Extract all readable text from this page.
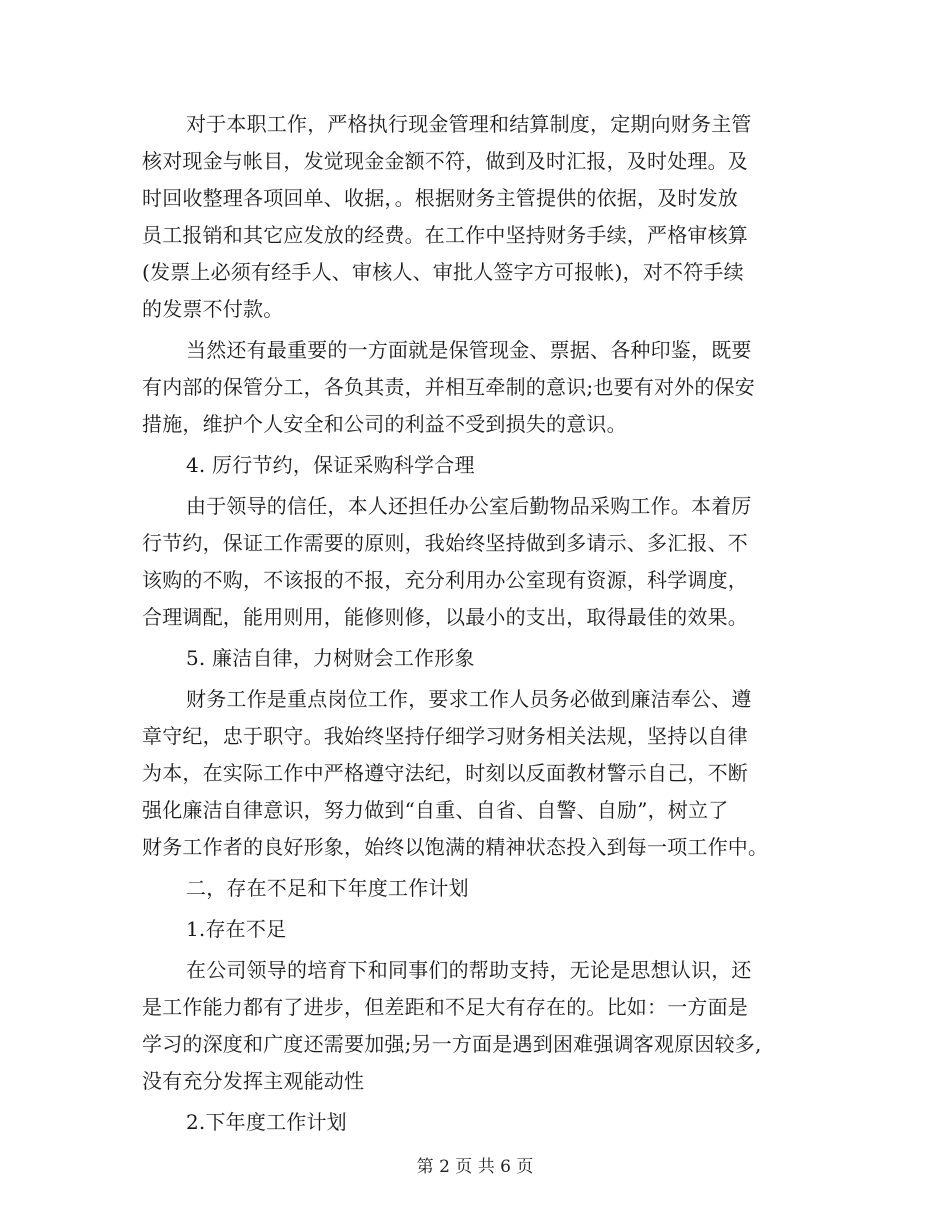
对于本职工作，严格执行现金管理和结算制度，定期向财务主管
核对现金与帐目，发觉现金金额不符，做到及时汇报，及时处理。及
时回收整理各项回单、收据，。根据财务主管提供的依据，及时发放
员工报销和其它应发放的经费。在工作中坚持财务手续，严格审核算
(发票上必须有经手人、审核人、审批人签字方可报帐)，对不符手续
的发票不付款。
当然还有最重要的一方面就是保管现金、票据、各种印鉴，既要
有内部的保管分工，各负其责，并相互牵制的意识;也要有对外的保安
措施，维护个人安全和公司的利益不受到损失的意识。
4. 厉行节约，保证采购科学合理
由于领导的信任，本人还担任办公室后勤物品采购工作。本着厉
行节约，保证工作需要的原则，我始终坚持做到多请示、多汇报、不
该购的不购，不该报的不报，充分利用办公室现有资源，科学调度，
合理调配，能用则用，能修则修，以最小的支出，取得最佳的效果。
5. 廉洁自律，力树财会工作形象
财务工作是重点岗位工作，要求工作人员务必做到廉洁奉公、遵
章守纪，忠于职守。我始终坚持仔细学习财务相关法规，坚持以自律
为本，在实际工作中严格遵守法纪，时刻以反面教材警示自己，不断
强化廉洁自律意识，努力做到“自重、自省、自警、自励”，树立了
财务工作者的良好形象，始终以饱满的精神状态投入到每一项工作中。
二，存在不足和下年度工作计划
1.存在不足
在公司领导的培育下和同事们的帮助支持，无论是思想认识，还
是工作能力都有了进步，但差距和不足大有存在的。比如：一方面是
学习的深度和广度还需要加强;另一方面是遇到困难强调客观原因较多,
没有充分发挥主观能动性
2.下年度工作计划
第 2 页 共 6 页
